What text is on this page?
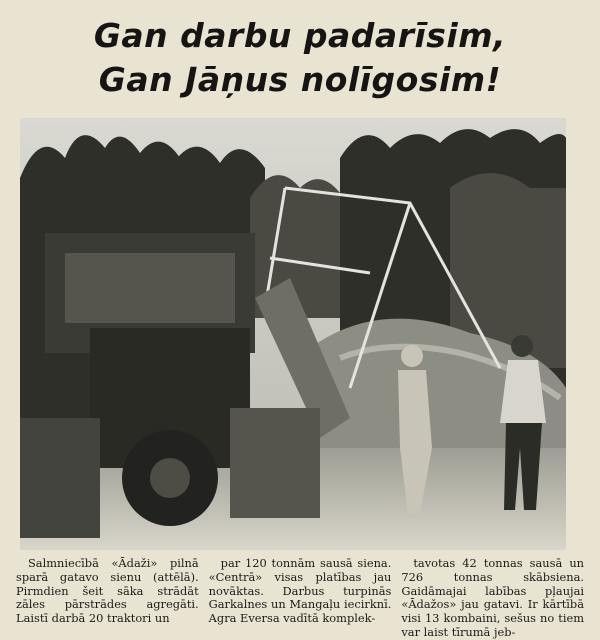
Gan darbu padarīsim,
Gan Jāņus nolīgosim!

Salmniecībā «Ādaži» pilnā sparā gatavo sienu (attēlā). Pirmdien šeit sāka strādāt zāles pārstrādes agregāti. Laistī darbā 20 traktori un

par 120 tonnām sausā siena. «Centrā» visas platības jau novāktas. Darbus turpinās Garkalnes un Mangaļu iecirknī. Agra Eversa vadītā komplek-

tavotas 42 tonnas sausā un 726 tonnas skābsiena. Gaidāmajai labības pļaujai «Ādažos» jau gatavi. Ir kārtībā visi 13 kombaini, sešus no tiem var laist tīrumā jeb-
